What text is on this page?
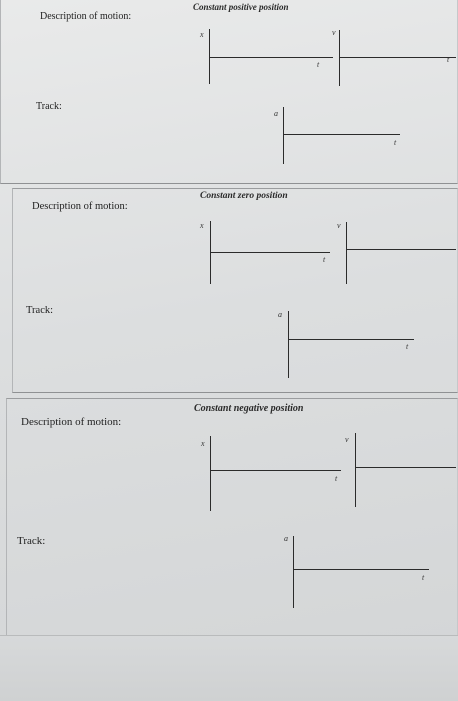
Description of motion:
Track:
Constant positive position
x
t
v
t
a
t
Description of motion:
Track:
Constant zero position
x
t
v
a
t
Description of motion:
Track:
Constant negative position
x
t
v
a
t
